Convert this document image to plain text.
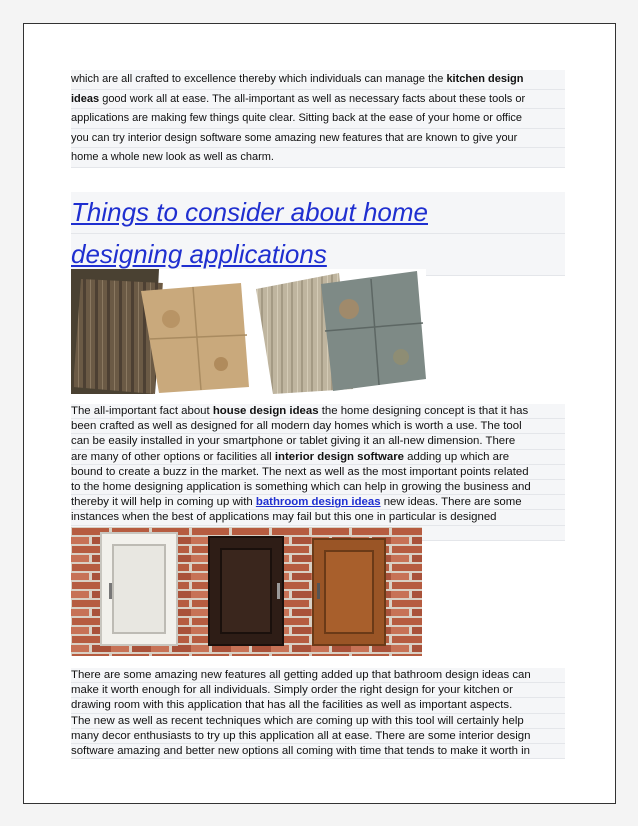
which are all crafted to excellence thereby which individuals can manage the kitchen design
ideas good work all at ease. The all-important as well as necessary facts about these tools or
applications are making few things quite clear. Sitting back at the ease of your home or office
you can try interior design software some amazing new features that are known to give your
home a whole new look as well as charm.
Things to consider about home
designing applications
The all-important fact about house design ideas the home designing concept is that it has
been crafted as well as designed for all modern day homes which is worth a use. The tool
can be easily installed in your smartphone or tablet giving it an all-new dimension. There
are many of other options or facilities all interior design software adding up which are
bound to create a buzz in the market. The next as well as the most important points related
to the home designing application is something which can help in growing the business and
thereby it will help in coming up with bathroom design ideas new ideas. There are some
instances when the best of applications may fail but this one in particular is designed
There are some amazing new features all getting added up that bathroom design ideas can
make it worth enough for all individuals. Simply order the right design for your kitchen or
drawing room with this application that has all the facilities as well as important aspects.
The new as well as recent techniques which are coming up with this tool will certainly help
many decor enthusiasts to try up this application all at ease. There are some interior design
software amazing and better new options all coming with time that tends to make it worth in
